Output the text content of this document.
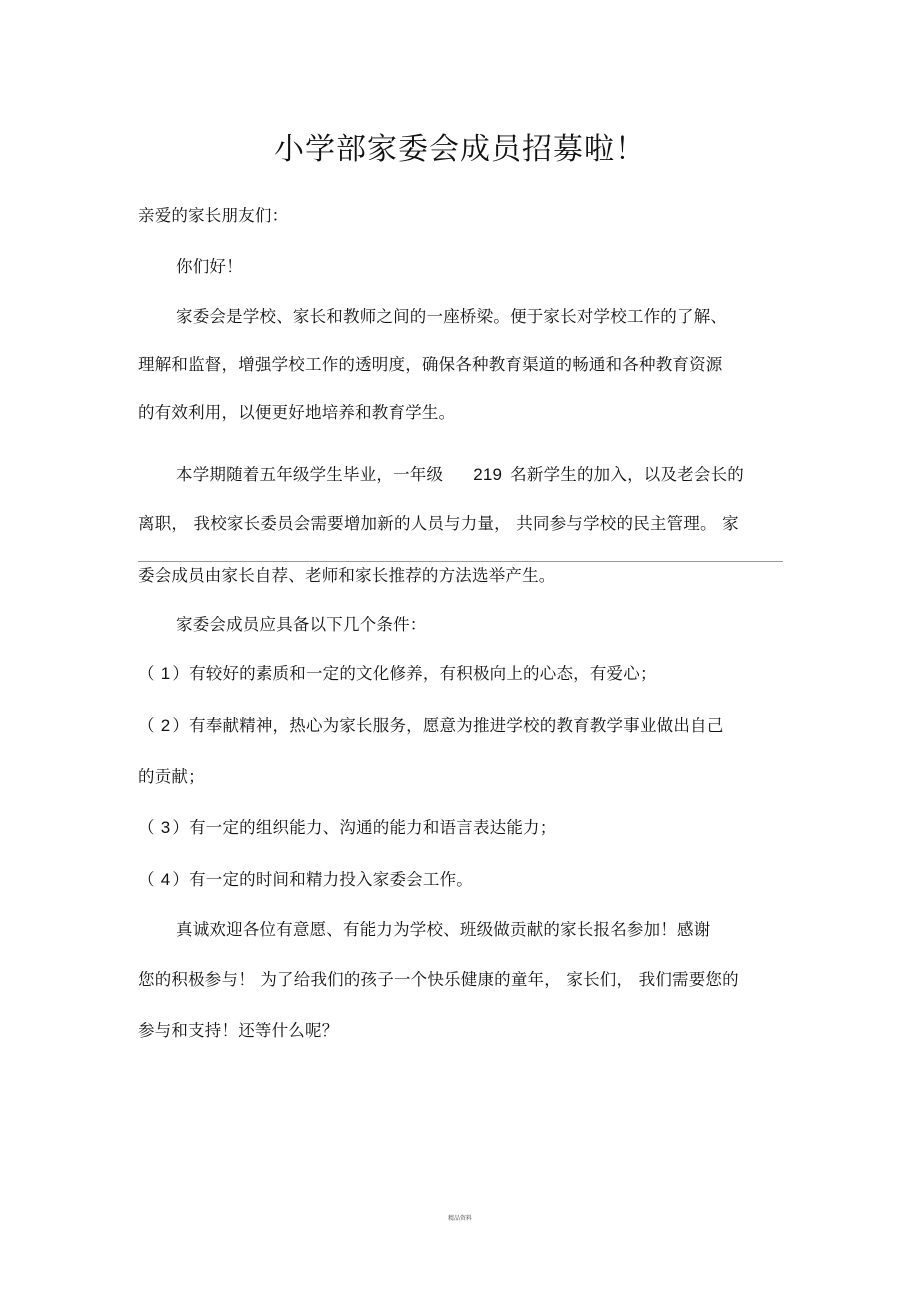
小学部家委会成员招募啦！
亲爱的家长朋友们：
你们好！
家委会是学校、家长和教师之间的一座桥梁。便于家长对学校工作的了解、
理解和监督，增强学校工作的透明度，确保各种教育渠道的畅通和各种教育资源
的有效利用，以便更好地培养和教育学生。
本学期随着五年级学生毕业，一年级 219 名新学生的加入，以及老会长的
离职， 我校家长委员会需要增加新的人员与力量， 共同参与学校的民主管理。 家
委会成员由家长自荐、老师和家长推荐的方法选举产生。
家委会成员应具备以下几个条件：
（ 1 ）有较好的素质和一定的文化修养，有积极向上的心态，有爱心；
（ 2 ）有奉献精神，热心为家长服务，愿意为推进学校的教育教学事业做出自己
的贡献；
（ 3 ）有一定的组织能力、沟通的能力和语言表达能力；
（ 4 ）有一定的时间和精力投入家委会工作。
真诚欢迎各位有意愿、有能力为学校、班级做贡献的家长报名参加！感谢
您的积极参与！ 为了给我们的孩子一个快乐健康的童年， 家长们， 我们需要您的
参与和支持！还等什么呢？
精品资料
